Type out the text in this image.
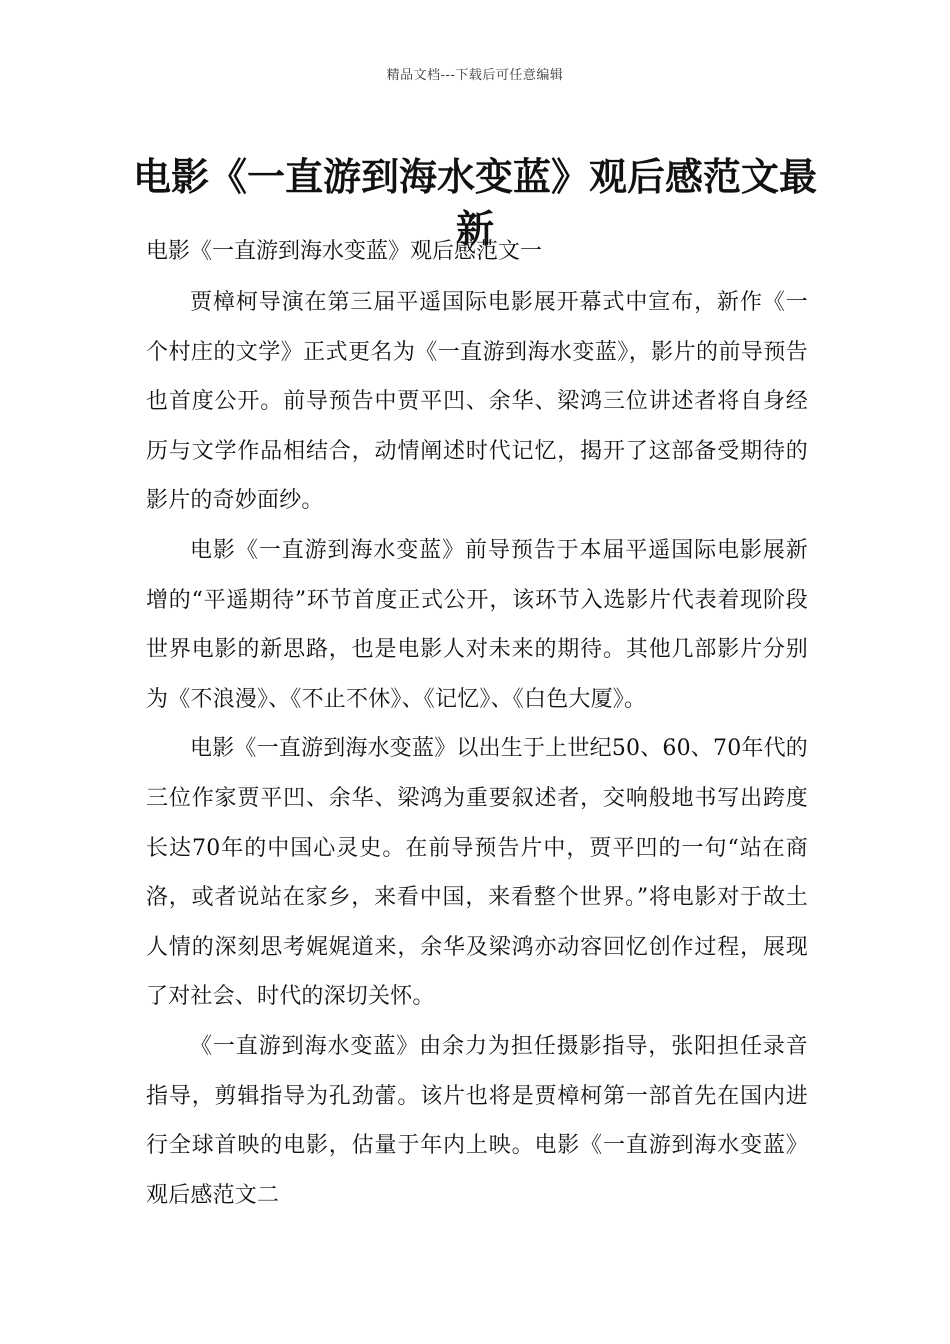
精品文档---下载后可任意编辑
电影《一直游到海水变蓝》观后感范文最新
电影《一直游到海水变蓝》观后感范文一

贾樟柯导演在第三届平遥国际电影展开幕式中宣布，新作《一个村庄的文学》正式更名为《一直游到海水变蓝》，影片的前导预告也首度公开。前导预告中贾平凹、余华、梁鸿三位讲述者将自身经历与文学作品相结合，动情阐述时代记忆，揭开了这部备受期待的影片的奇妙面纱。

电影《一直游到海水变蓝》前导预告于本届平遥国际电影展新增的“平遥期待”环节首度正式公开，该环节入选影片代表着现阶段世界电影的新思路，也是电影人对未来的期待。其他几部影片分别为《不浪漫》、《不止不休》、《记忆》、《白色大厦》。

电影《一直游到海水变蓝》以出生于上世纪50、60、70年代的三位作家贾平凹、余华、梁鸿为重要叙述者，交响般地书写出跨度长达70年的中国心灵史。在前导预告片中，贾平凹的一句“站在商洛，或者说站在家乡，来看中国，来看整个世界。”将电影对于故土人情的深刻思考娓娓道来，余华及梁鸿亦动容回忆创作过程，展现了对社会、时代的深切关怀。

《一直游到海水变蓝》由余力为担任摄影指导，张阳担任录音指导，剪辑指导为孔劲蕾。该片也将是贾樟柯第一部首先在国内进行全球首映的电影，估量于年内上映。电影《一直游到海水变蓝》观后感范文二
